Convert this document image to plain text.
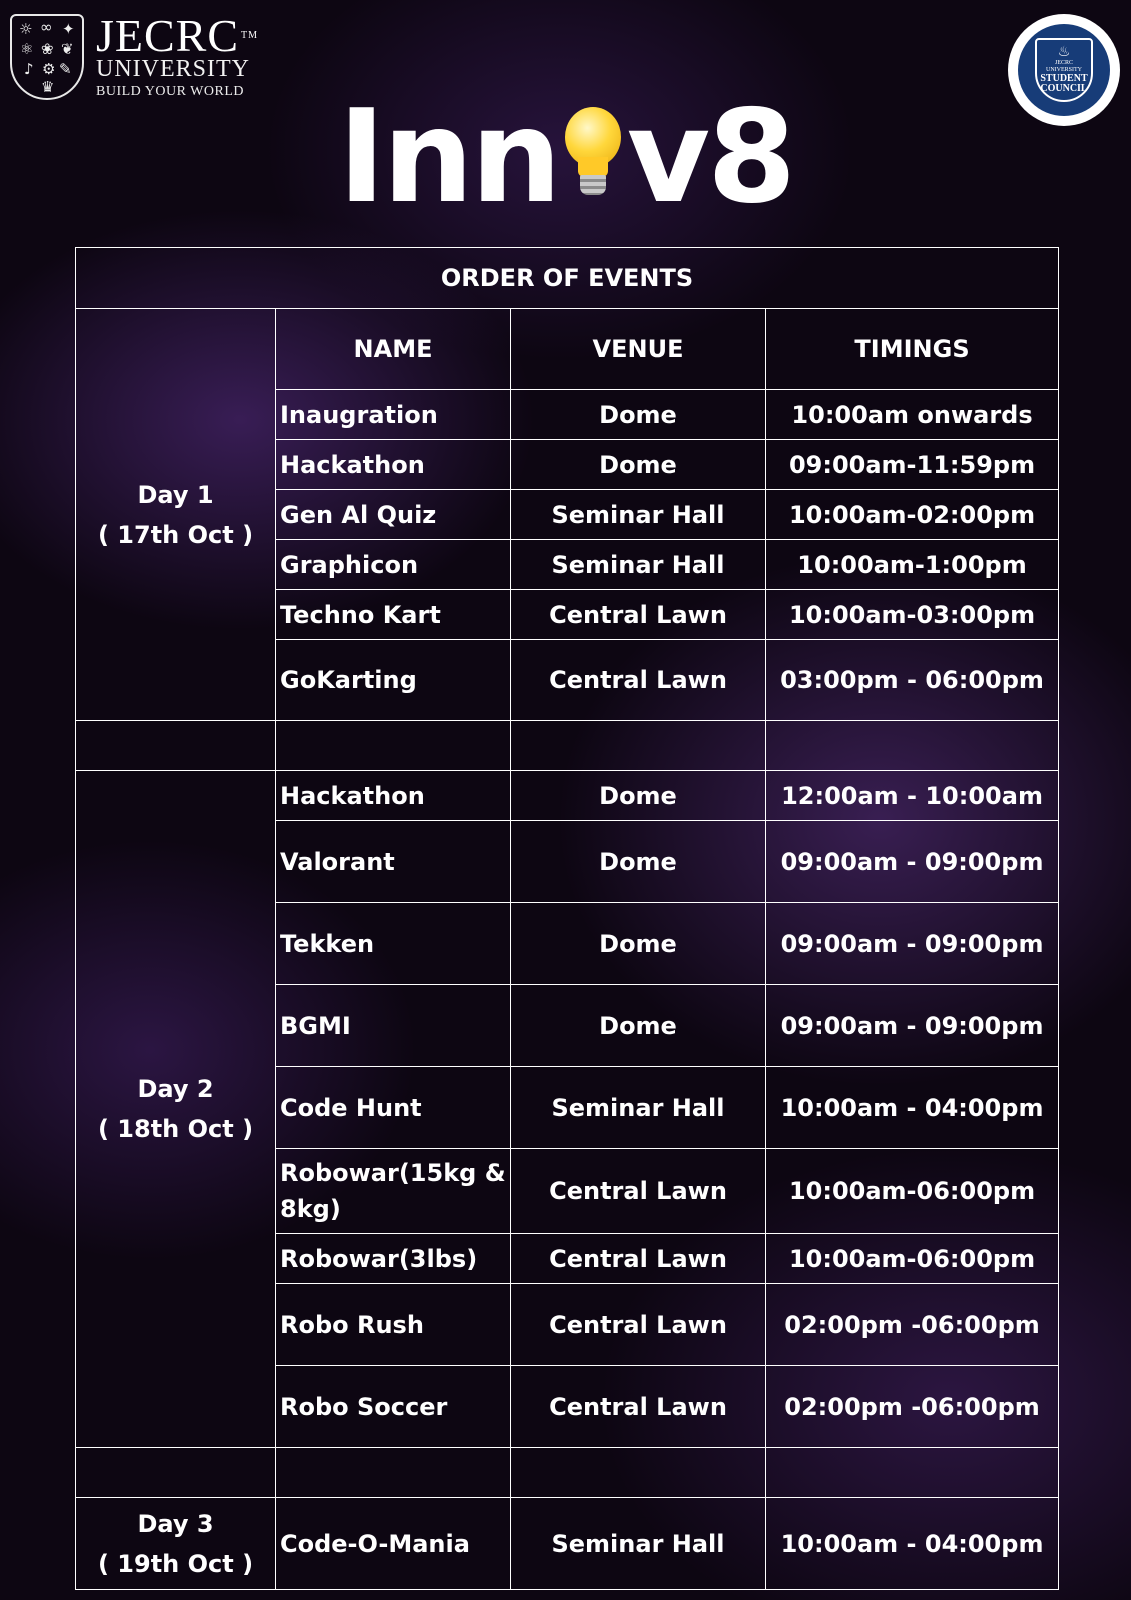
☼ ∞ ✦
⚛ ❀ ❦
♪ ⚙ ✎
♛
JECRC ™
UNIVERSITY
BUILD YOUR WORLD
♨
JECRC UNIVERSITY
STUDENT
COUNCIL
Inn v8
ORDER OF EVENTS			

Day 1
( 17th Oct )	NAME	VENUE	TIMINGS
	Inaugration	Dome	10:00am onwards
	Hackathon	Dome	09:00am-11:59pm
	Gen Al Quiz	Seminar Hall	10:00am-02:00pm
	Graphicon	Seminar Hall	10:00am-1:00pm
	Techno Kart	Central Lawn	10:00am-03:00pm
	GoKarting	Central Lawn	03:00pm - 06:00pm

Day 2
( 18th Oct )	Hackathon	Dome	12:00am - 10:00am
	Valorant	Dome	09:00am - 09:00pm
	Tekken	Dome	09:00am - 09:00pm
	BGMI	Dome	09:00am - 09:00pm
	Code Hunt	Seminar Hall	10:00am - 04:00pm
	Robowar(15kg & 8kg)	Central Lawn	10:00am-06:00pm
	Robowar(3lbs)	Central Lawn	10:00am-06:00pm
	Robo Rush	Central Lawn	02:00pm -06:00pm
	Robo Soccer	Central Lawn	02:00pm -06:00pm

Day 3
( 19th Oct )	Code-O-Mania	Seminar Hall	10:00am - 04:00pm
